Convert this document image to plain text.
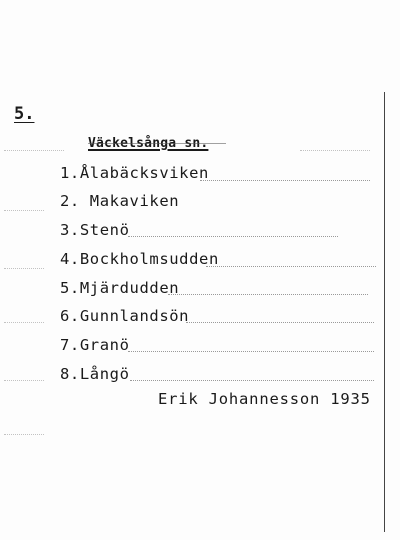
5.
Väckelsånga sn.
1.Ålabäcksviken
2. Makaviken
3.Stenö
4.Bockholmsudden
5.Mjärdudden
6.Gunnlandsön
7.Granö
8.Långö
Erik Johannesson 1935
